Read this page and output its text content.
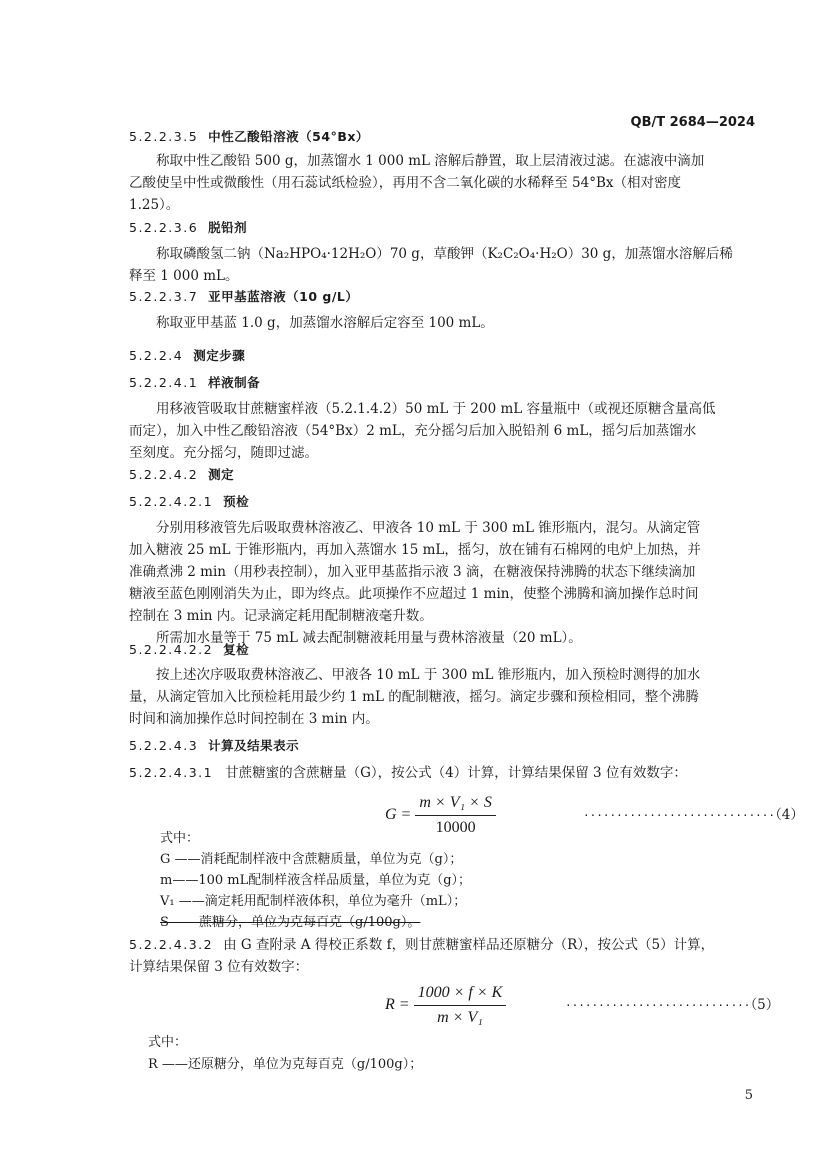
QB/T 2684—2024
5.2.2.3.5 中性乙酸铅溶液（54°Bx）
称取中性乙酸铅 500 g，加蒸馏水 1 000 mL 溶解后静置，取上层清液过滤。在滤液中滴加
乙酸使呈中性或微酸性（用石蕊试纸检验），再用不含二氧化碳的水稀释至 54°Bx（相对密度
1.25）。
5.2.2.3.6 脱铅剂
称取磷酸氢二钠（Na₂HPO₄·12H₂O）70 g，草酸钾（K₂C₂O₄·H₂O）30 g，加蒸馏水溶解后稀
释至 1 000 mL。
5.2.2.3.7 亚甲基蓝溶液（10 g/L）
称取亚甲基蓝 1.0 g，加蒸馏水溶解后定容至 100 mL。
5.2.2.4 测定步骤
5.2.2.4.1 样液制备
用移液管吸取甘蔗糖蜜样液（5.2.1.4.2）50 mL 于 200 mL 容量瓶中（或视还原糖含量高低
而定），加入中性乙酸铅溶液（54°Bx）2 mL，充分摇匀后加入脱铅剂 6 mL，摇匀后加蒸馏水
至刻度。充分摇匀，随即过滤。
5.2.2.4.2 测定
5.2.2.4.2.1 预检
分别用移液管先后吸取费林溶液乙、甲液各 10 mL 于 300 mL 锥形瓶内，混匀。从滴定管
加入糖液 25 mL 于锥形瓶内，再加入蒸馏水 15 mL，摇匀，放在铺有石棉网的电炉上加热，并
准确煮沸 2 min（用秒表控制），加入亚甲基蓝指示液 3 滴，在糖液保持沸腾的状态下继续滴加
糖液至蓝色刚刚消失为止，即为终点。此项操作不应超过 1 min，使整个沸腾和滴加操作总时间
控制在 3 min 内。记录滴定耗用配制糖液毫升数。
所需加水量等于 75 mL 减去配制糖液耗用量与费林溶液量（20 mL）。
5.2.2.4.2.2 复检
按上述次序吸取费林溶液乙、甲液各 10 mL 于 300 mL 锥形瓶内，加入预检时测得的加水
量，从滴定管加入比预检耗用最少约 1 mL 的配制糖液，摇匀。滴定步骤和预检相同，整个沸腾
时间和滴加操作总时间控制在 3 min 内。
5.2.2.4.3 计算及结果表示
5.2.2.4.3.1 甘蔗糖蜜的含蔗糖量（G），按公式（4）计算，计算结果保留 3 位有效数字：
$G = \frac{\text{m × V₁ × S}}{10000}$	·····························（4）
式中：
G ——消耗配制样液中含蔗糖质量，单位为克（g）；
m——100 mL配制样液含样品质量，单位为克（g）；
V₁ ——滴定耗用配制样液体积，单位为毫升（mL）；
S ——蔗糖分，单位为克每百克（g/100g）。
5.2.2.4.3.2 由 G 查附录 A 得校正系数 f，则甘蔗糖蜜样品还原糖分（R），按公式（5）计算，
计算结果保留 3 位有效数字：
$R = \frac{1000 \times f \times K}{\text{m × V₁}}$	····························（5）
式中：
R ——还原糖分，单位为克每百克（g/100g）；
5
